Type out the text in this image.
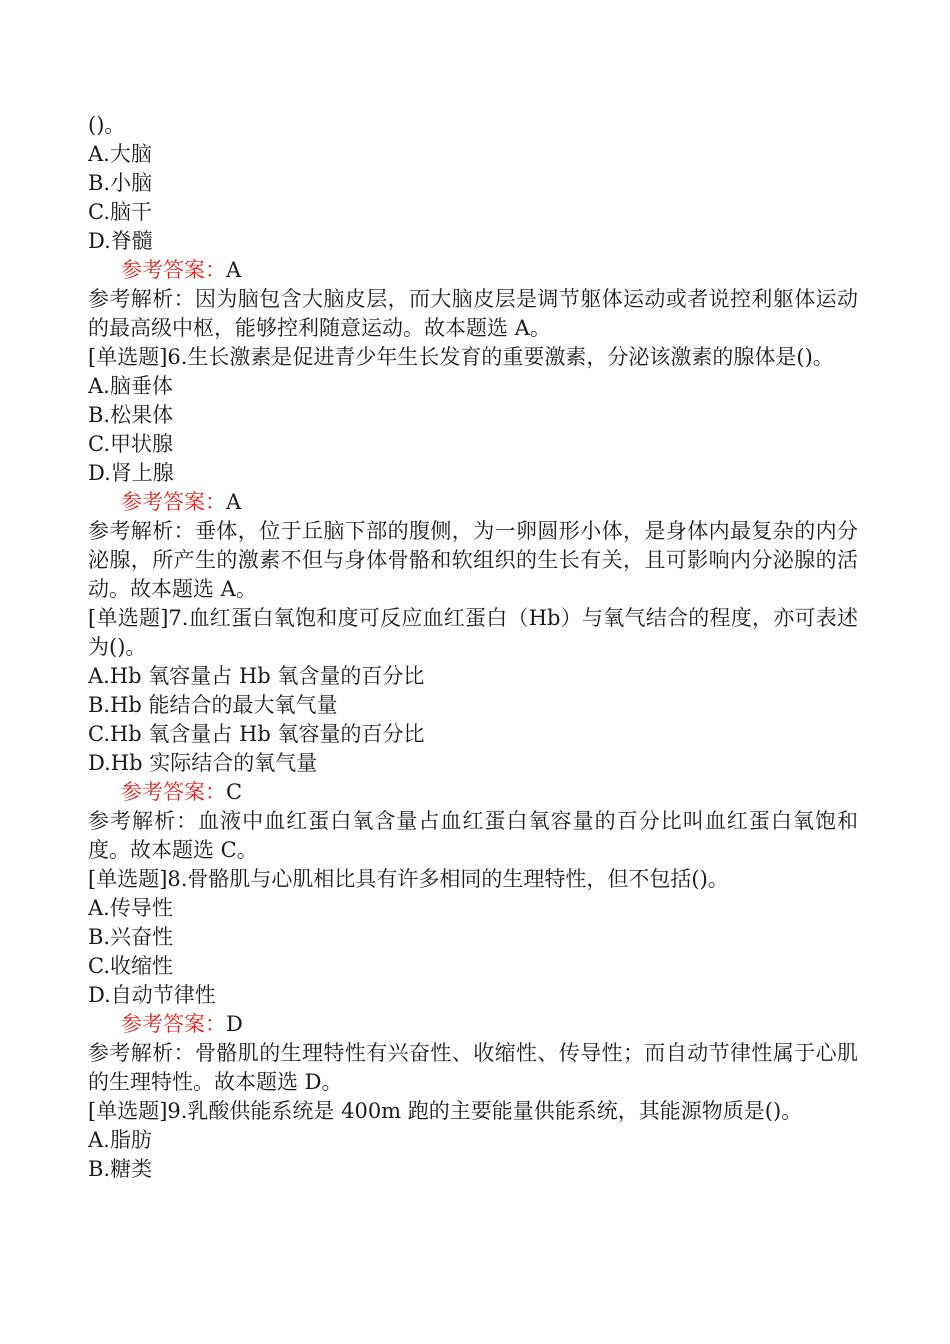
()。
A.大脑
B.小脑
C.脑干
D.脊髓
参考答案：A
参考解析：因为脑包含大脑皮层，而大脑皮层是调节躯体运动或者说控利躯体运动的最高级中枢，能够控利随意运动。故本题选 A。
[单选题]6.生长激素是促进青少年生长发育的重要激素，分泌该激素的腺体是()。
A.脑垂体
B.松果体
C.甲状腺
D.肾上腺
参考答案：A
参考解析：垂体，位于丘脑下部的腹侧，为一卵圆形小体，是身体内最复杂的内分泌腺，所产生的激素不但与身体骨骼和软组织的生长有关，且可影响内分泌腺的活动。故本题选 A。
[单选题]7.血红蛋白氧饱和度可反应血红蛋白（Hb）与氧气结合的程度，亦可表述为()。
A.Hb 氧容量占 Hb 氧含量的百分比
B.Hb 能结合的最大氧气量
C.Hb 氧含量占 Hb 氧容量的百分比
D.Hb 实际结合的氧气量
参考答案：C
参考解析：血液中血红蛋白氧含量占血红蛋白氧容量的百分比叫血红蛋白氧饱和度。故本题选 C。
[单选题]8.骨骼肌与心肌相比具有许多相同的生理特性，但不包括()。
A.传导性
B.兴奋性
C.收缩性
D.自动节律性
参考答案：D
参考解析：骨骼肌的生理特性有兴奋性、收缩性、传导性；而自动节律性属于心肌的生理特性。故本题选 D。
[单选题]9.乳酸供能系统是 400m 跑的主要能量供能系统，其能源物质是()。
A.脂肪
B.糖类
